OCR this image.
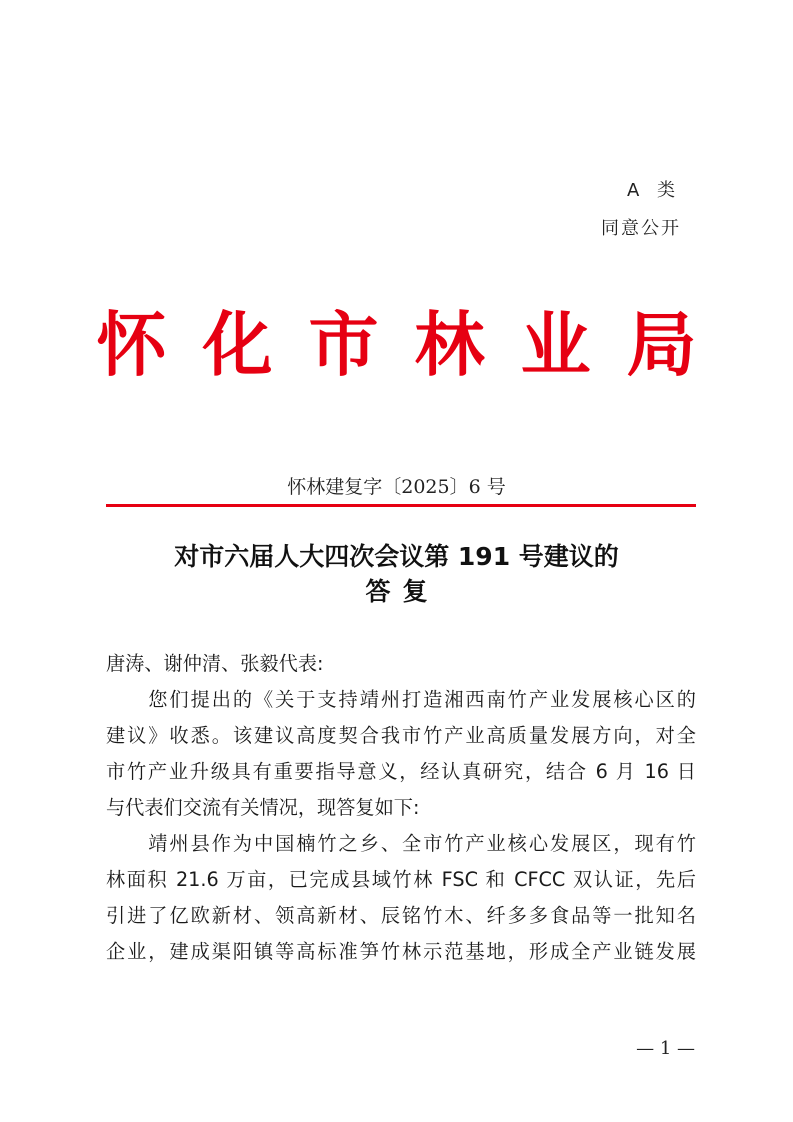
A 类
同意公开
怀化市林业局
怀林建复字〔2025〕6 号
对市六届人大四次会议第 191 号建议的
答复
唐涛、谢仲清、张毅代表:
　　您们提出的《关于支持靖州打造湘西南竹产业发展核心区的
建议》收悉。该建议高度契合我市竹产业高质量发展方向，对全
市竹产业升级具有重要指导意义，经认真研究，结合 6 月 16 日
与代表们交流有关情况，现答复如下:
　　靖州县作为中国楠竹之乡、全市竹产业核心发展区，现有竹
林面积 21.6 万亩，已完成县域竹林 FSC 和 CFCC 双认证，先后
引进了亿欧新材、领高新材、辰铭竹木、纤多多食品等一批知名
企业，建成渠阳镇等高标准笋竹林示范基地，形成全产业链发展
— 1 —
